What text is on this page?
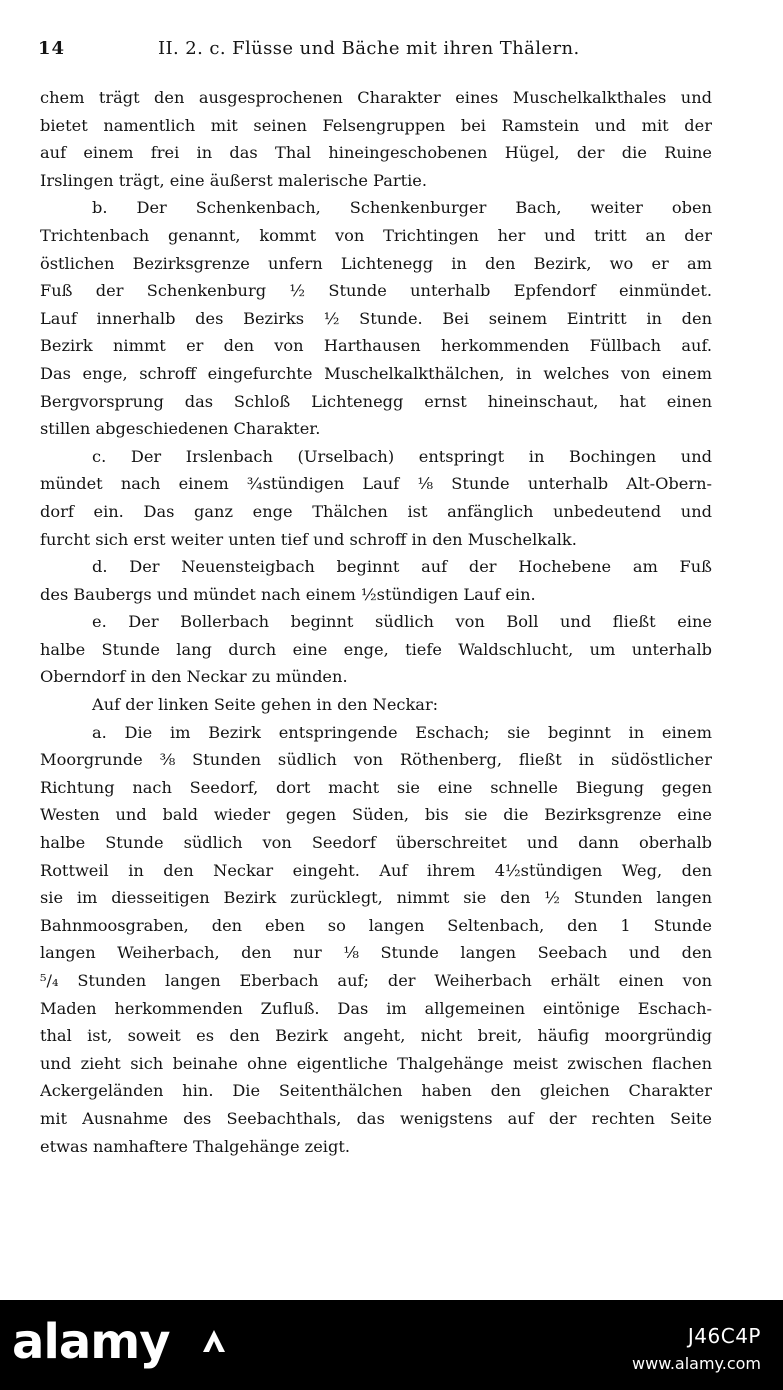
14	II. 2. c. Flüsse und Bäche mit ihren Thälern.
chem trägt den ausgesprochenen Charakter eines Muschelkalkthales und
bietet namentlich mit seinen Felsengruppen bei Ramstein und mit der
auf einem frei in das Thal hineingeschobenen Hügel, der die Ruine
Irslingen trägt, eine äußerst malerische Partie.
b. Der Schenkenbach, Schenkenburger Bach, weiter oben
Trichtenbach genannt, kommt von Trichtingen her und tritt an der
östlichen Bezirksgrenze unfern Lichtenegg in den Bezirk, wo er am
Fuß der Schenkenburg ½ Stunde unterhalb Epfendorf einmündet.
Lauf innerhalb des Bezirks ½ Stunde. Bei seinem Eintritt in den
Bezirk nimmt er den von Harthausen herkommenden Füllbach auf.
Das enge, schroff eingefurchte Muschelkalkthälchen, in welches von einem
Bergvorsprung das Schloß Lichtenegg ernst hineinschaut, hat einen
stillen abgeschiedenen Charakter.
c. Der Irslenbach (Urselbach) entspringt in Bochingen und
mündet nach einem ¾stündigen Lauf ⅛ Stunde unterhalb Alt-Obern-
dorf ein. Das ganz enge Thälchen ist anfänglich unbedeutend und
furcht sich erst weiter unten tief und schroff in den Muschelkalk.
d. Der Neuensteigbach beginnt auf der Hochebene am Fuß
des Baubergs und mündet nach einem ½stündigen Lauf ein.
e. Der Bollerbach beginnt südlich von Boll und fließt eine
halbe Stunde lang durch eine enge, tiefe Waldschlucht, um unterhalb
Oberndorf in den Neckar zu münden.
Auf der linken Seite gehen in den Neckar:
a. Die im Bezirk entspringende Eschach; sie beginnt in einem
Moorgrunde ⅜ Stunden südlich von Röthenberg, fließt in südöstlicher
Richtung nach Seedorf, dort macht sie eine schnelle Biegung gegen
Westen und bald wieder gegen Süden, bis sie die Bezirksgrenze eine
halbe Stunde südlich von Seedorf überschreitet und dann oberhalb
Rottweil in den Neckar eingeht. Auf ihrem 4½stündigen Weg, den
sie im diesseitigen Bezirk zurücklegt, nimmt sie den ½ Stunden langen
Bahnmoosgraben, den eben so langen Seltenbach, den 1 Stunde
langen Weiherbach, den nur ⅛ Stunde langen Seebach und den
⁵/₄ Stunden langen Eberbach auf; der Weiherbach erhält einen von
Maden herkommenden Zufluß. Das im allgemeinen eintönige Eschach-
thal ist, soweit es den Bezirk angeht, nicht breit, häufig moorgründig
und zieht sich beinahe ohne eigentliche Thalgehänge meist zwischen flachen
Ackergeländen hin. Die Seitenthälchen haben den gleichen Charakter
mit Ausnahme des Seebachthals, das wenigstens auf der rechten Seite
etwas namhaftere Thalgehänge zeigt.
alamy	J46C4P
www.alamy.com
